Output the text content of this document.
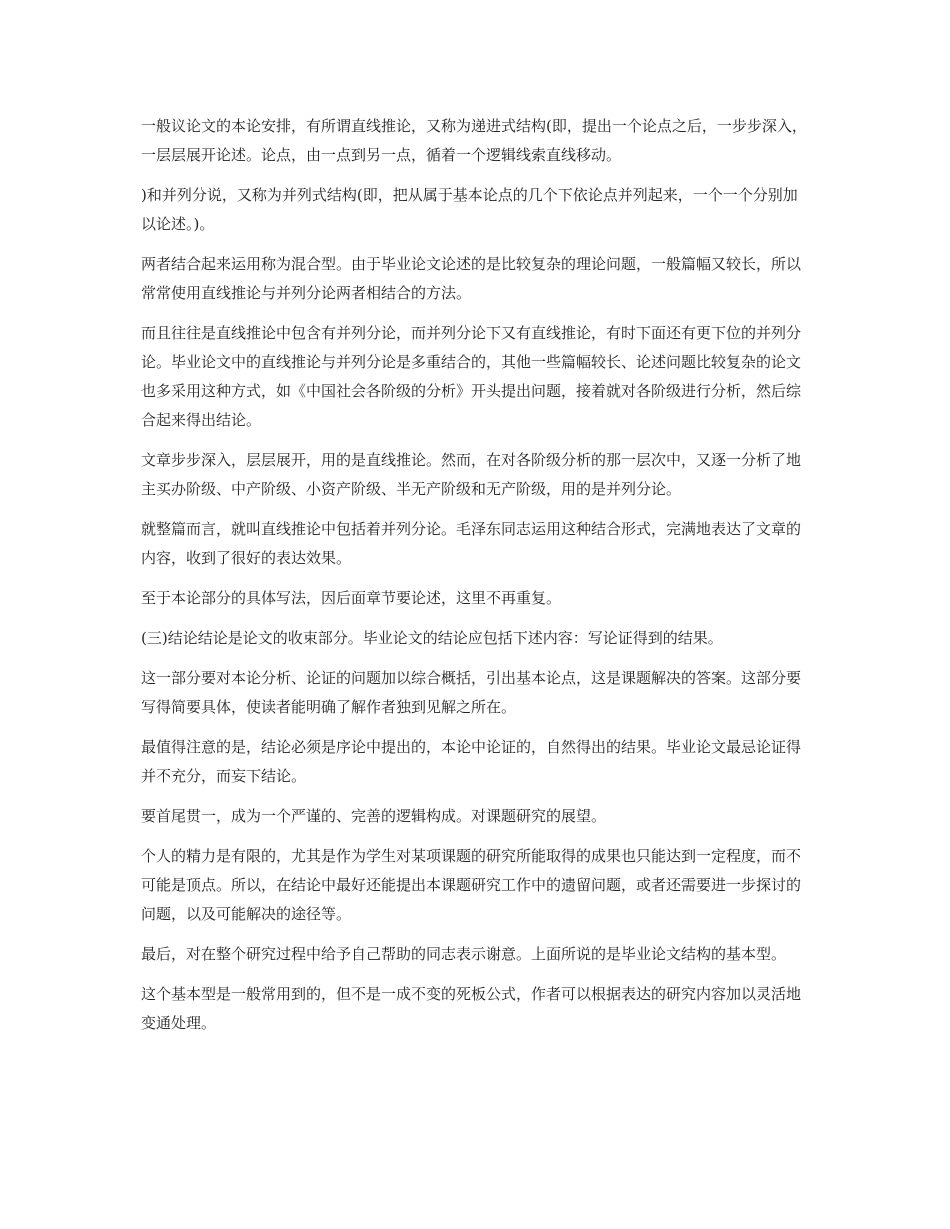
一般议论文的本论安排，有所谓直线推论，又称为递进式结构(即，提出一个论点之后，一步步深入，一层层展开论述。论点，由一点到另一点，循着一个逻辑线索直线移动。

)和并列分说，又称为并列式结构(即，把从属于基本论点的几个下依论点并列起来，一个一个分别加以论述。)。

两者结合起来运用称为混合型。由于毕业论文论述的是比较复杂的理论问题，一般篇幅又较长，所以常常使用直线推论与并列分论两者相结合的方法。

而且往往是直线推论中包含有并列分论，而并列分论下又有直线推论，有时下面还有更下位的并列分论。毕业论文中的直线推论与并列分论是多重结合的，其他一些篇幅较长、论述问题比较复杂的论文也多采用这种方式，如《中国社会各阶级的分析》开头提出问题，接着就对各阶级进行分析，然后综合起来得出结论。

文章步步深入，层层展开，用的是直线推论。然而，在对各阶级分析的那一层次中，又逐一分析了地主买办阶级、中产阶级、小资产阶级、半无产阶级和无产阶级，用的是并列分论。

就整篇而言，就叫直线推论中包括着并列分论。毛泽东同志运用这种结合形式，完满地表达了文章的内容，收到了很好的表达效果。

至于本论部分的具体写法，因后面章节要论述，这里不再重复。

(三)结论结论是论文的收束部分。毕业论文的结论应包括下述内容：写论证得到的结果。

这一部分要对本论分析、论证的问题加以综合概括，引出基本论点，这是课题解决的答案。这部分要写得简要具体，使读者能明确了解作者独到见解之所在。

最值得注意的是，结论必须是序论中提出的，本论中论证的，自然得出的结果。毕业论文最忌论证得并不充分，而妄下结论。

要首尾贯一，成为一个严谨的、完善的逻辑构成。对课题研究的展望。

个人的精力是有限的，尤其是作为学生对某项课题的研究所能取得的成果也只能达到一定程度，而不可能是顶点。所以，在结论中最好还能提出本课题研究工作中的遗留问题，或者还需要进一步探讨的问题，以及可能解决的途径等。

最后，对在整个研究过程中给予自己帮助的同志表示谢意。上面所说的是毕业论文结构的基本型。

这个基本型是一般常用到的，但不是一成不变的死板公式，作者可以根据表达的研究内容加以灵活地变通处理。
